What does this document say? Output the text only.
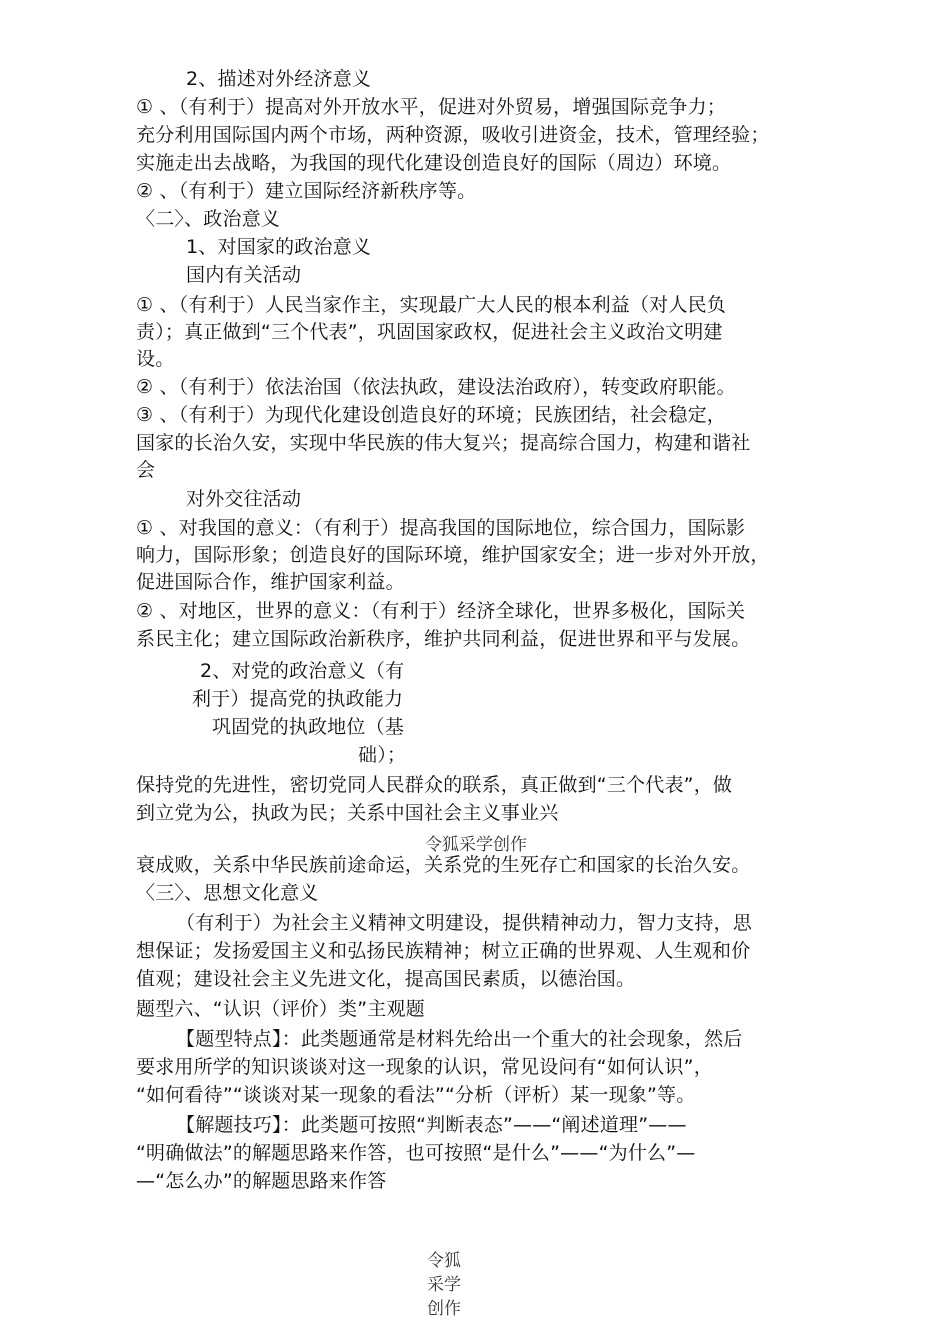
2、描述对外经济意义
① 、（有利于）提高对外开放水平，促进对外贸易，增强国际竞争力；
充分利用国际国内两个市场，两种资源，吸收引进资金，技术，管理经验；
实施走出去战略，为我国的现代化建设创造良好的国际（周边）环境。
② 、（有利于）建立国际经济新秩序等。
〈二〉、政治意义
1、对国家的政治意义
国内有关活动
① 、（有利于）人民当家作主，实现最广大人民的根本利益（对人民负
责）；真正做到“三个代表”，巩固国家政权，促进社会主义政治文明建
设。
② 、（有利于）依法治国（依法执政，建设法治政府），转变政府职能。
③ 、（有利于）为现代化建设创造良好的环境；民族团结，社会稳定，
国家的长治久安，实现中华民族的伟大复兴；提高综合国力，构建和谐社
会
对外交往活动
① 、对我国的意义：（有利于）提高我国的国际地位，综合国力，国际影
响力，国际形象；创造良好的国际环境，维护国家安全；进一步对外开放，
促进国际合作，维护国家利益。
② 、对地区，世界的意义：（有利于）经济全球化，世界多极化，国际关
系民主化；建立国际政治新秩序，维护共同利益，促进世界和平与发展。
2、对党的政治意义（有
利于）提高党的执政能力
巩固党的执政地位（基
础）；
保持党的先进性，密切党同人民群众的联系，真正做到“三个代表”，做
到立党为公，执政为民；关系中国社会主义事业兴
令狐采学创作
衰成败，关系中华民族前途命运，关系党的生死存亡和国家的长治久安。
〈三〉、思想文化意义
（有利于）为社会主义精神文明建设，提供精神动力，智力支持，思
想保证；发扬爱国主义和弘扬民族精神；树立正确的世界观、人生观和价
值观；建设社会主义先进文化，提高国民素质，以德治国。
题型六、“认识（评价）类”主观题
【题型特点】：此类题通常是材料先给出一个重大的社会现象，然后
要求用所学的知识谈谈对这一现象的认识，常见设问有“如何认识”，
“如何看待”“谈谈对某一现象的看法”“分析（评析）某一现象”等。
【解题技巧】：此类题可按照“判断表态”——“阐述道理”——
“明确做法”的解题思路来作答，也可按照“是什么”——“为什么”—
—“怎么办”的解题思路来作答
令狐
采学
创作
